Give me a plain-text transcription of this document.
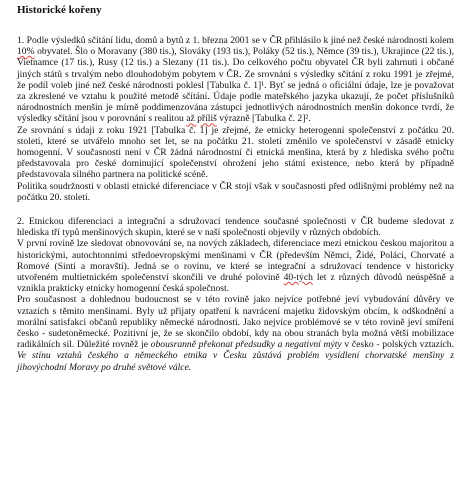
Historické kořeny

1. Podle výsledků sčítání lidu, domů a bytů z 1. března 2001 se v ČR přihlásilo k jiné než české národnosti kolem 10% obyvatel. Šlo o Moravany (380 tis.), Slováky (193 tis.), Poláky (52 tis.), Němce (39 tis.), Ukrajince (22 tis.), Vietnamce (17 tis.), Rusy (12 tis.) a Slezany (11 tis.). Do celkového počtu obyvatel ČR byli zahrnuti i občané jiných států s trvalým nebo dlouhodobým pobytem v ČR. Ze srovnání s výsledky sčítání z roku 1991 je zřejmé, že podíl voleb jiné než české národnosti poklesl [Tabulka č. 1]¹. Byť se jedná o oficiální údaje, lze je považovat za zkreslené ve vztahu k použité metodě sčítání. Údaje podle mateřského jazyka ukazují, že počet příslušníků národnostních menšin je mírně poddimenzována zástupci jednotlivých národnostních menšin dokonce tvrdí, že výsledky sčítání jsou v porovnání s realitou až příliš výrazně [Tabulka č. 2]².

Ze srovnání s údaji z roku 1921 [Tabulka č. 1] je zřejmé, že etnicky heterogenní společenství z počátku 20. století, které se utvářelo mnoho set let, se na počátku 21. století změnilo ve společenství v zásadě etnicky homogenní. V současnosti není v ČR žádná národnostní či etnická menšina, která by z hlediska svého počtu představovala pro české dominující společenství ohrožení jeho státní existence, nebo která by případně představovala silného partnera na politické scéně.

Politika soudržnosti v oblasti etnické diferenciace v ČR stojí však v současnosti před odlišnými problémy než na počátku 20. století.

2. Etnickou diferenciaci a integrační a sdružovací tendence současné společnosti v ČR budeme sledovat z hlediska tří typů menšinových skupin, které se v naší společnosti objevily v různých obdobích.

V první rovině lze sledovat obnovování se, na nových základech, diferenciace mezi etnickou českou majoritou a historickými, autochtonními středoevropskými menšinami v ČR (především Němci, Židé, Poláci, Chorvaté a Romové (Sinti a moravští). Jedná se o rovinu, ve které se integrační a sdružovací tendence v historicky utvořeném multietnickém společenství skončili ve druhé polovině 40-tých let z různých důvodů neúspěšně a vznikla prakticky etnicky homogenní česká společnost.

Pro současnost a dohlednou budoucnost se v této rovině jako nejvíce potřebné jeví vybudování důvěry ve vztazích s těmito menšinami. Byly už přijaty opatření k navrácení majetku židovským obcím, k odškodnění a morální satisfakci občanů republiky německé národnosti. Jako nejvíce problémové se v této rovině jeví smíření česko - sudetoněmecké. Pozitivní je, že se skončilo období, kdy na obou stranách byla možná větší mobilizace radikálních sil. Důležité rovněž je obousranně překonat předsudky a negativní mýty v česko - polských vztazích. Ve stínu vztahů českého a německého etnika v Česku zůstává problém vysídlení chorvatské menšiny z jihovýchodní Moravy po druhé světové válce.
